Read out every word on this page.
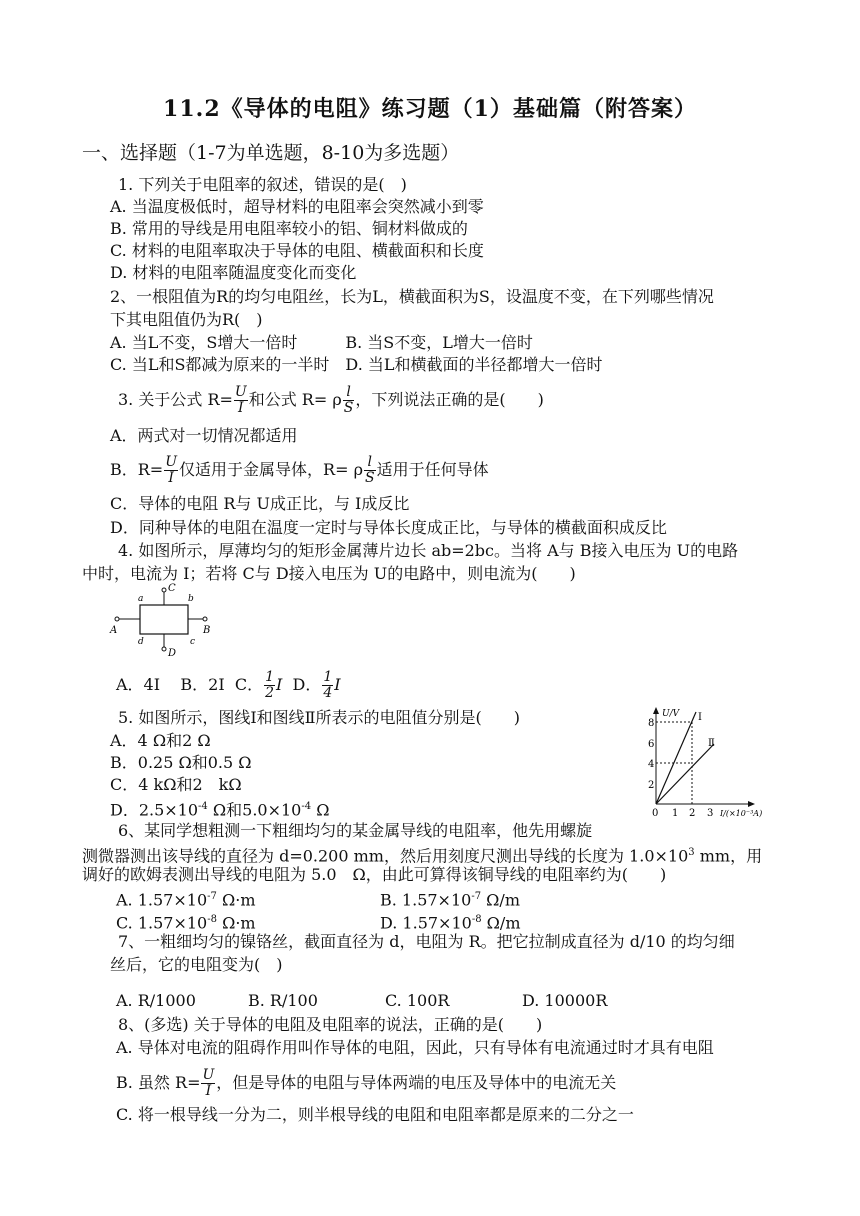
11.2《导体的电阻》练习题（1）基础篇（附答案）
一、选择题（1-7为单选题，8-10为多选题）
1. 下列关于电阻率的叙述，错误的是(　)
A. 当温度极低时，超导材料的电阻率会突然减小到零
B. 常用的导线是用电阻率较小的铝、铜材料做成的
C. 材料的电阻率取决于导体的电阻、横截面积和长度
D. 材料的电阻率随温度变化而变化
2、一根阻值为R的均匀电阻丝，长为L，横截面积为S，设温度不变，在下列哪些情况
下其电阻值仍为R(　)
A. 当L不变，S增大一倍时　　　B. 当S不变，L增大一倍时
C. 当L和S都减为原来的一半时　D. 当L和横截面的半径都增大一倍时
3. 关于公式 $R= \frac{U}{I}$ 和公式 R= ρ $\frac{l}{S}$ ，下列说法正确的是(　　)
A．两式对一切情况都适用
B．$R= \frac{U}{I}$ 仅适用于金属导体，R= ρ $\frac{l}{S}$ 适用于任何导体
C．导体的电阻 R与 U成正比，与 I成反比
D．同种导体的电阻在温度一定时与导体长度成正比，与导体的横截面积成反比
4. 如图所示，厚薄均匀的矩形金属薄片边长 ab=2bc。当将 A与 B接入电压为 U的电路
中时，电流为 I；若将 C与 D接入电压为 U的电路中，则电流为(　　)
C
D
A	B
a	b
c
d
A．4I B．2I C． $\frac{1}{2}$ I D． $\frac{1}{4}$ I
5. 如图所示，图线Ⅰ和图线Ⅱ所表示的电阻值分别是(　　)
A．4 Ω和2 Ω
B．0.25 Ω和0.5 Ω
C．4 kΩ和2　kΩ
D．$2.5\times 10^{-4}$ Ω和$5.0\times 10^{-4}$ Ω
U/V
8
6
4
2
0 1 2 3 I/(×10⁻³A)
Ⅰ
Ⅱ
6、某同学想粗测一下粗细均匀的某金属导线的电阻率，他先用螺旋
测微器测出该导线的直径为 d=0.200 mm，然后用刻度尺测出导线的长度为 $1.0\times 10^3$ mm，用
调好的欧姆表测出导线的电阻为 5.0　Ω，由此可算得该铜导线的电阻率约为(　　)
A. $1.57\times 10^{-7}$ Ω·m	B. $1.57\times 10^{-7}$ Ω/m
C. $1.57\times 10^{-8}$ Ω·m	D. $1.57\times 10^{-8}$ Ω/m
7、一粗细均匀的镍铬丝，截面直径为 d，电阻为 R。把它拉制成直径为 d/10 的均匀细
丝后，它的电阻变为(　)
A. R/1000	B. R/100	C. 100R	D. 10000R
8、(多选) 关于导体的电阻及电阻率的说法，正确的是(　　)
A. 导体对电流的阻碍作用叫作导体的电阻，因此，只有导体有电流通过时才具有电阻
B. 虽然 $R= \frac{U}{I}$ ，但是导体的电阻与导体两端的电压及导体中的电流无关
C. 将一根导线一分为二，则半根导线的电阻和电阻率都是原来的二分之一
